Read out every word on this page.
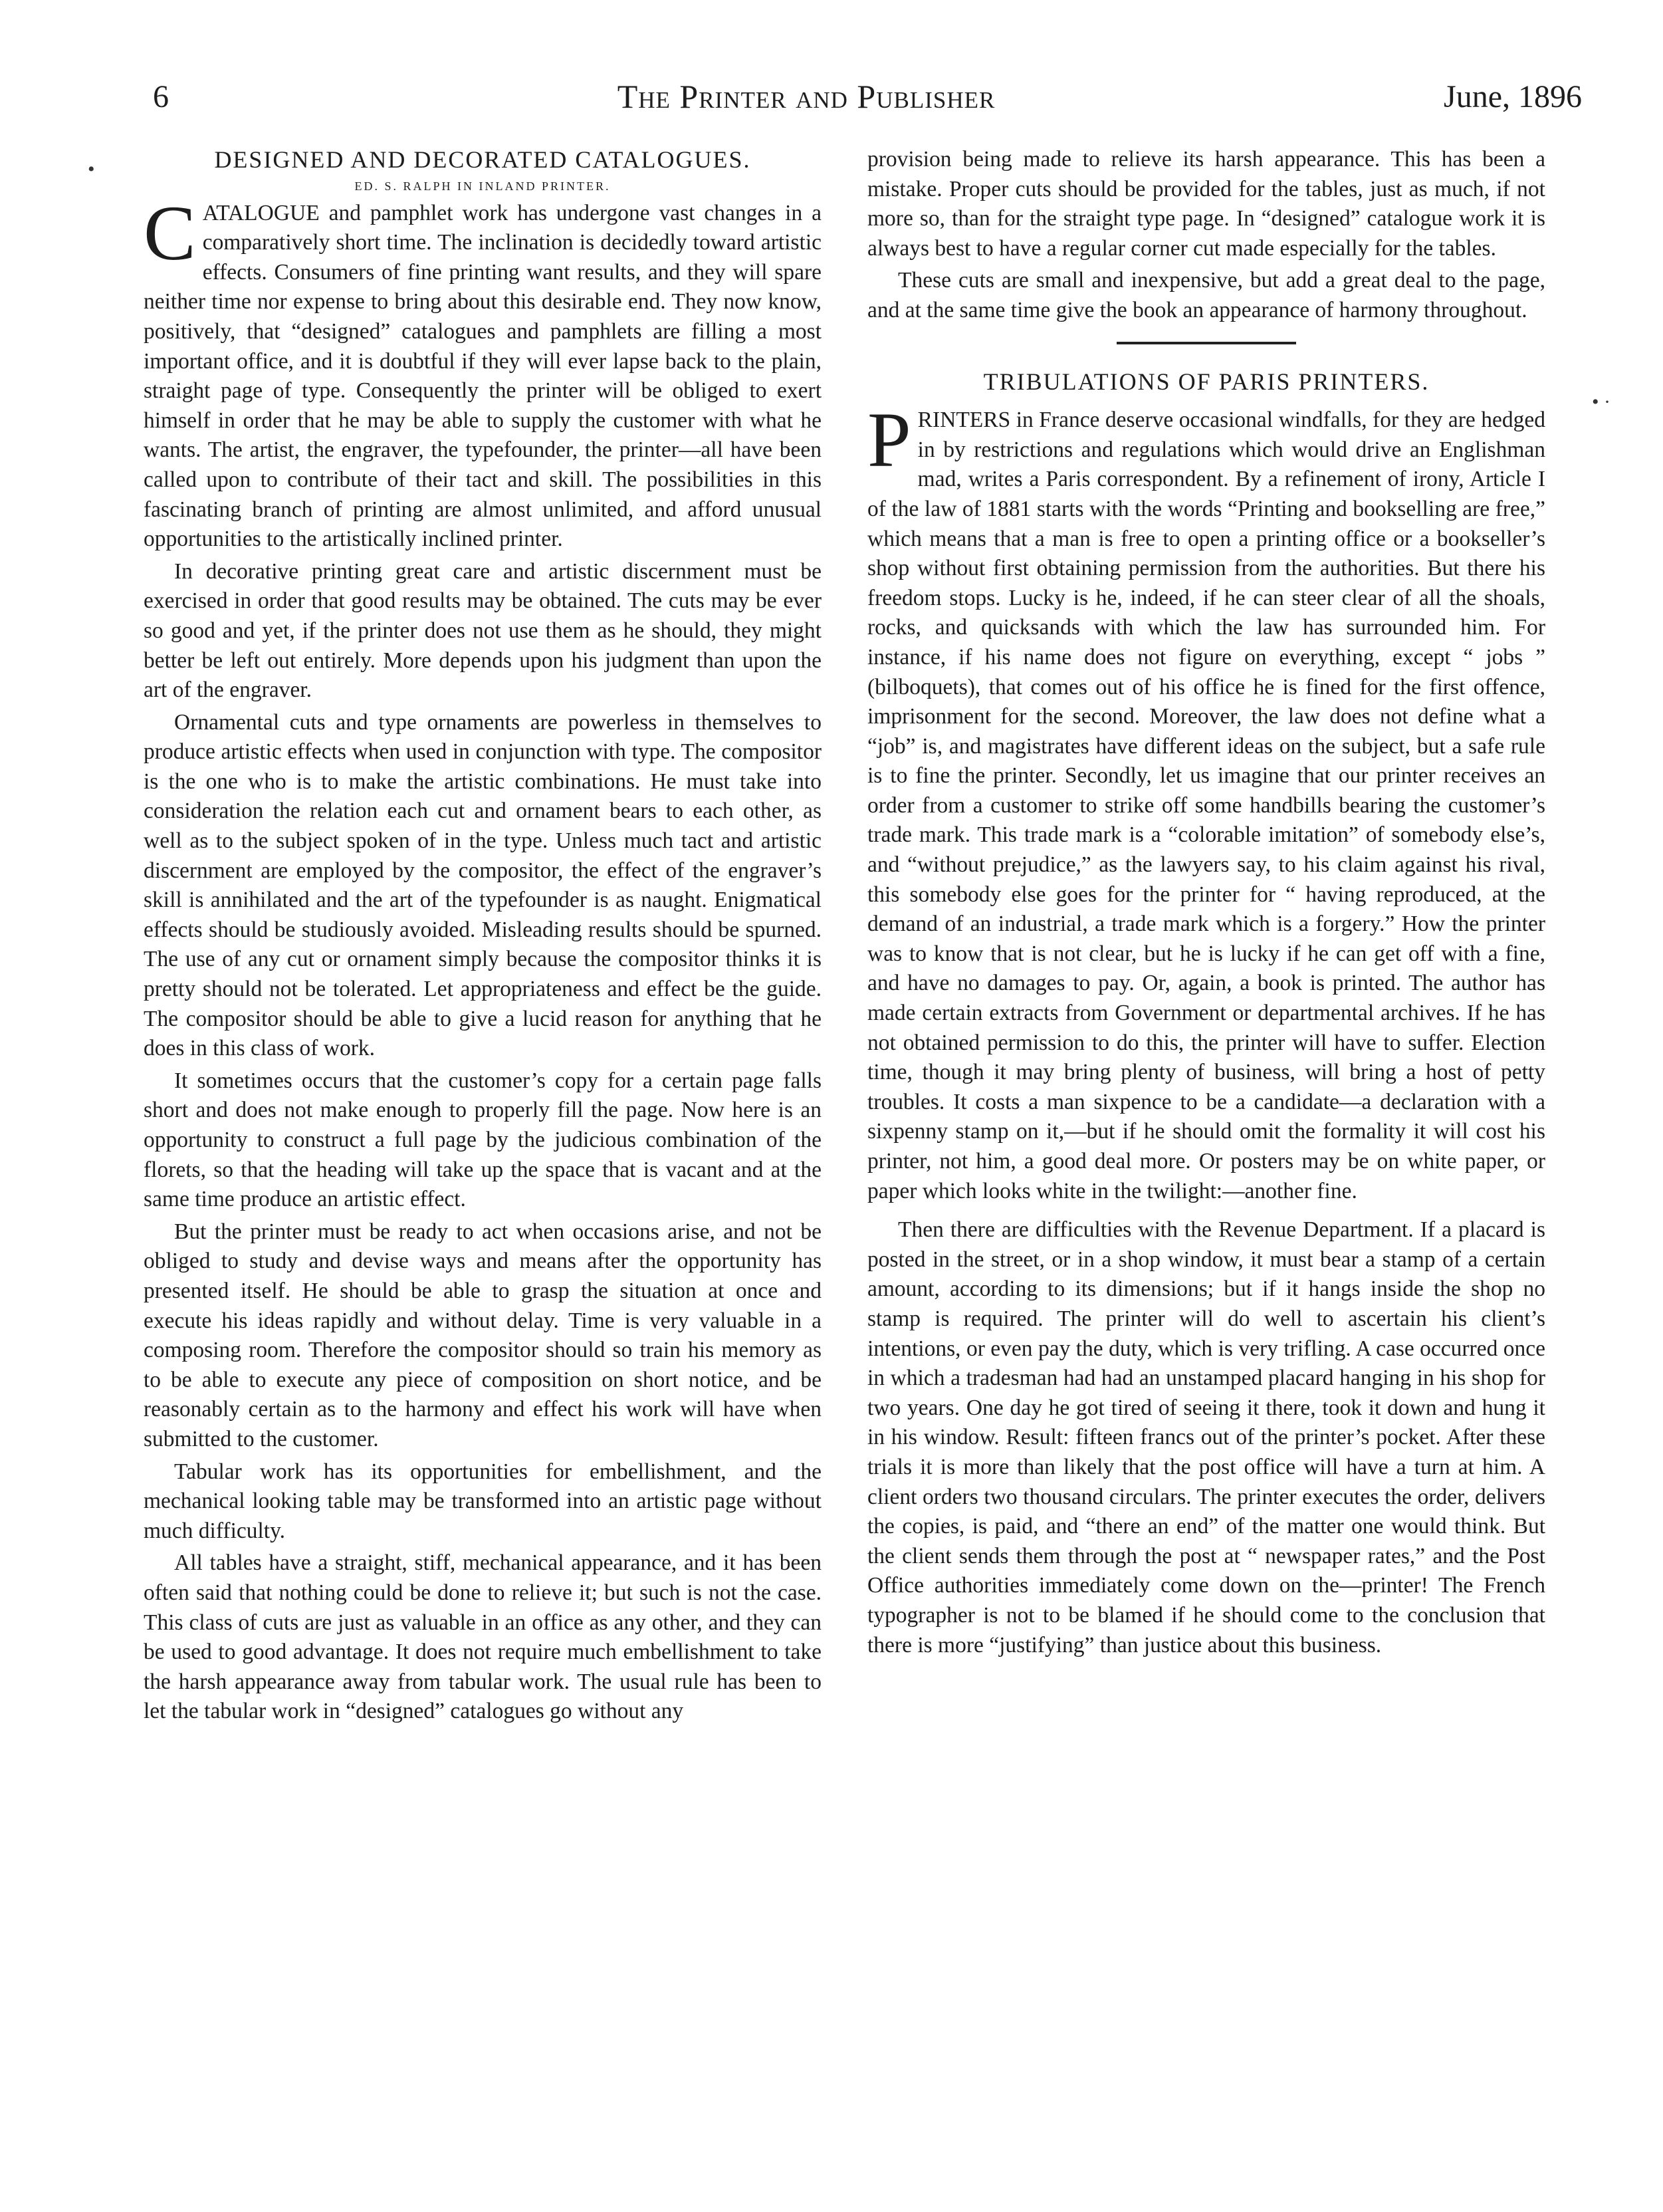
6	The Printer and Publisher	June, 1896
•
• ·
DESIGNED AND DECORATED CATALOGUES.
ED. S. RALPH IN INLAND PRINTER.

CATALOGUE and pamphlet work has undergone vast changes in a comparatively short time. The inclination is decidedly toward artistic effects. Consumers of fine printing want results, and they will spare neither time nor expense to bring about this desirable end. They now know, positively, that “designed” catalogues and pamphlets are filling a most important office, and it is doubtful if they will ever lapse back to the plain, straight page of type. Consequently the printer will be obliged to exert himself in order that he may be able to supply the customer with what he wants. The artist, the engraver, the typefounder, the printer—all have been called upon to contribute of their tact and skill. The possibilities in this fascinating branch of printing are almost unlimited, and afford unusual opportunities to the artistically inclined printer.

In decorative printing great care and artistic discernment must be exercised in order that good results may be obtained. The cuts may be ever so good and yet, if the printer does not use them as he should, they might better be left out entirely. More depends upon his judgment than upon the art of the engraver.

Ornamental cuts and type ornaments are powerless in themselves to produce artistic effects when used in conjunction with type. The compositor is the one who is to make the artistic combinations. He must take into consideration the relation each cut and ornament bears to each other, as well as to the subject spoken of in the type. Unless much tact and artistic discernment are employed by the compositor, the effect of the engraver’s skill is annihilated and the art of the typefounder is as naught. Enigmatical effects should be studiously avoided. Misleading results should be spurned. The use of any cut or ornament simply because the compositor thinks it is pretty should not be tolerated. Let appropriateness and effect be the guide. The compositor should be able to give a lucid reason for anything that he does in this class of work.

It sometimes occurs that the customer’s copy for a certain page falls short and does not make enough to properly fill the page. Now here is an opportunity to construct a full page by the judicious combination of the florets, so that the heading will take up the space that is vacant and at the same time produce an artistic effect.

But the printer must be ready to act when occasions arise, and not be obliged to study and devise ways and means after the opportunity has presented itself. He should be able to grasp the situation at once and execute his ideas rapidly and without delay. Time is very valuable in a composing room. Therefore the compositor should so train his memory as to be able to execute any piece of composition on short notice, and be reasonably certain as to the harmony and effect his work will have when submitted to the customer.

Tabular work has its opportunities for embellishment, and the mechanical looking table may be transformed into an artistic page without much difficulty.

All tables have a straight, stiff, mechanical appearance, and it has been often said that nothing could be done to relieve it; but such is not the case. This class of cuts are just as valuable in an office as any other, and they can be used to good advantage. It does not require much embellishment to take the harsh appearance away from tabular work. The usual rule has been to let the tabular work in “designed” catalogues go without any

provision being made to relieve its harsh appearance. This has been a mistake. Proper cuts should be provided for the tables, just as much, if not more so, than for the straight type page. In “designed” catalogue work it is always best to have a regular corner cut made especially for the tables.

These cuts are small and inexpensive, but add a great deal to the page, and at the same time give the book an appearance of harmony throughout.

TRIBULATIONS OF PARIS PRINTERS.

PRINTERS in France deserve occasional windfalls, for they are hedged in by restrictions and regulations which would drive an Englishman mad, writes a Paris correspondent. By a refinement of irony, Article I of the law of 1881 starts with the words “Printing and bookselling are free,” which means that a man is free to open a printing office or a bookseller’s shop without first obtaining permission from the authorities. But there his freedom stops. Lucky is he, indeed, if he can steer clear of all the shoals, rocks, and quicksands with which the law has surrounded him. For instance, if his name does not figure on everything, except “ jobs ” (bilboquets), that comes out of his office he is fined for the first offence, imprisonment for the second. Moreover, the law does not define what a “job” is, and magistrates have different ideas on the subject, but a safe rule is to fine the printer. Secondly, let us imagine that our printer receives an order from a customer to strike off some handbills bearing the customer’s trade mark. This trade mark is a “colorable imitation” of somebody else’s, and “without prejudice,” as the lawyers say, to his claim against his rival, this somebody else goes for the printer for “ having reproduced, at the demand of an industrial, a trade mark which is a forgery.” How the printer was to know that is not clear, but he is lucky if he can get off with a fine, and have no damages to pay. Or, again, a book is printed. The author has made certain extracts from Government or departmental archives. If he has not obtained permission to do this, the printer will have to suffer. Election time, though it may bring plenty of business, will bring a host of petty troubles. It costs a man sixpence to be a candidate—a declaration with a sixpenny stamp on it,—but if he should omit the formality it will cost his printer, not him, a good deal more. Or posters may be on white paper, or paper which looks white in the twilight:—another fine.

Then there are difficulties with the Revenue Department. If a placard is posted in the street, or in a shop window, it must bear a stamp of a certain amount, according to its dimensions; but if it hangs inside the shop no stamp is required. The printer will do well to ascertain his client’s intentions, or even pay the duty, which is very trifling. A case occurred once in which a tradesman had had an unstamped placard hanging in his shop for two years. One day he got tired of seeing it there, took it down and hung it in his window. Result: fifteen francs out of the printer’s pocket. After these trials it is more than likely that the post office will have a turn at him. A client orders two thousand circulars. The printer executes the order, delivers the copies, is paid, and “there an end” of the matter one would think. But the client sends them through the post at “ newspaper rates,” and the Post Office authorities immediately come down on the—printer! The French typographer is not to be blamed if he should come to the conclusion that there is more “justifying” than justice about this business.
